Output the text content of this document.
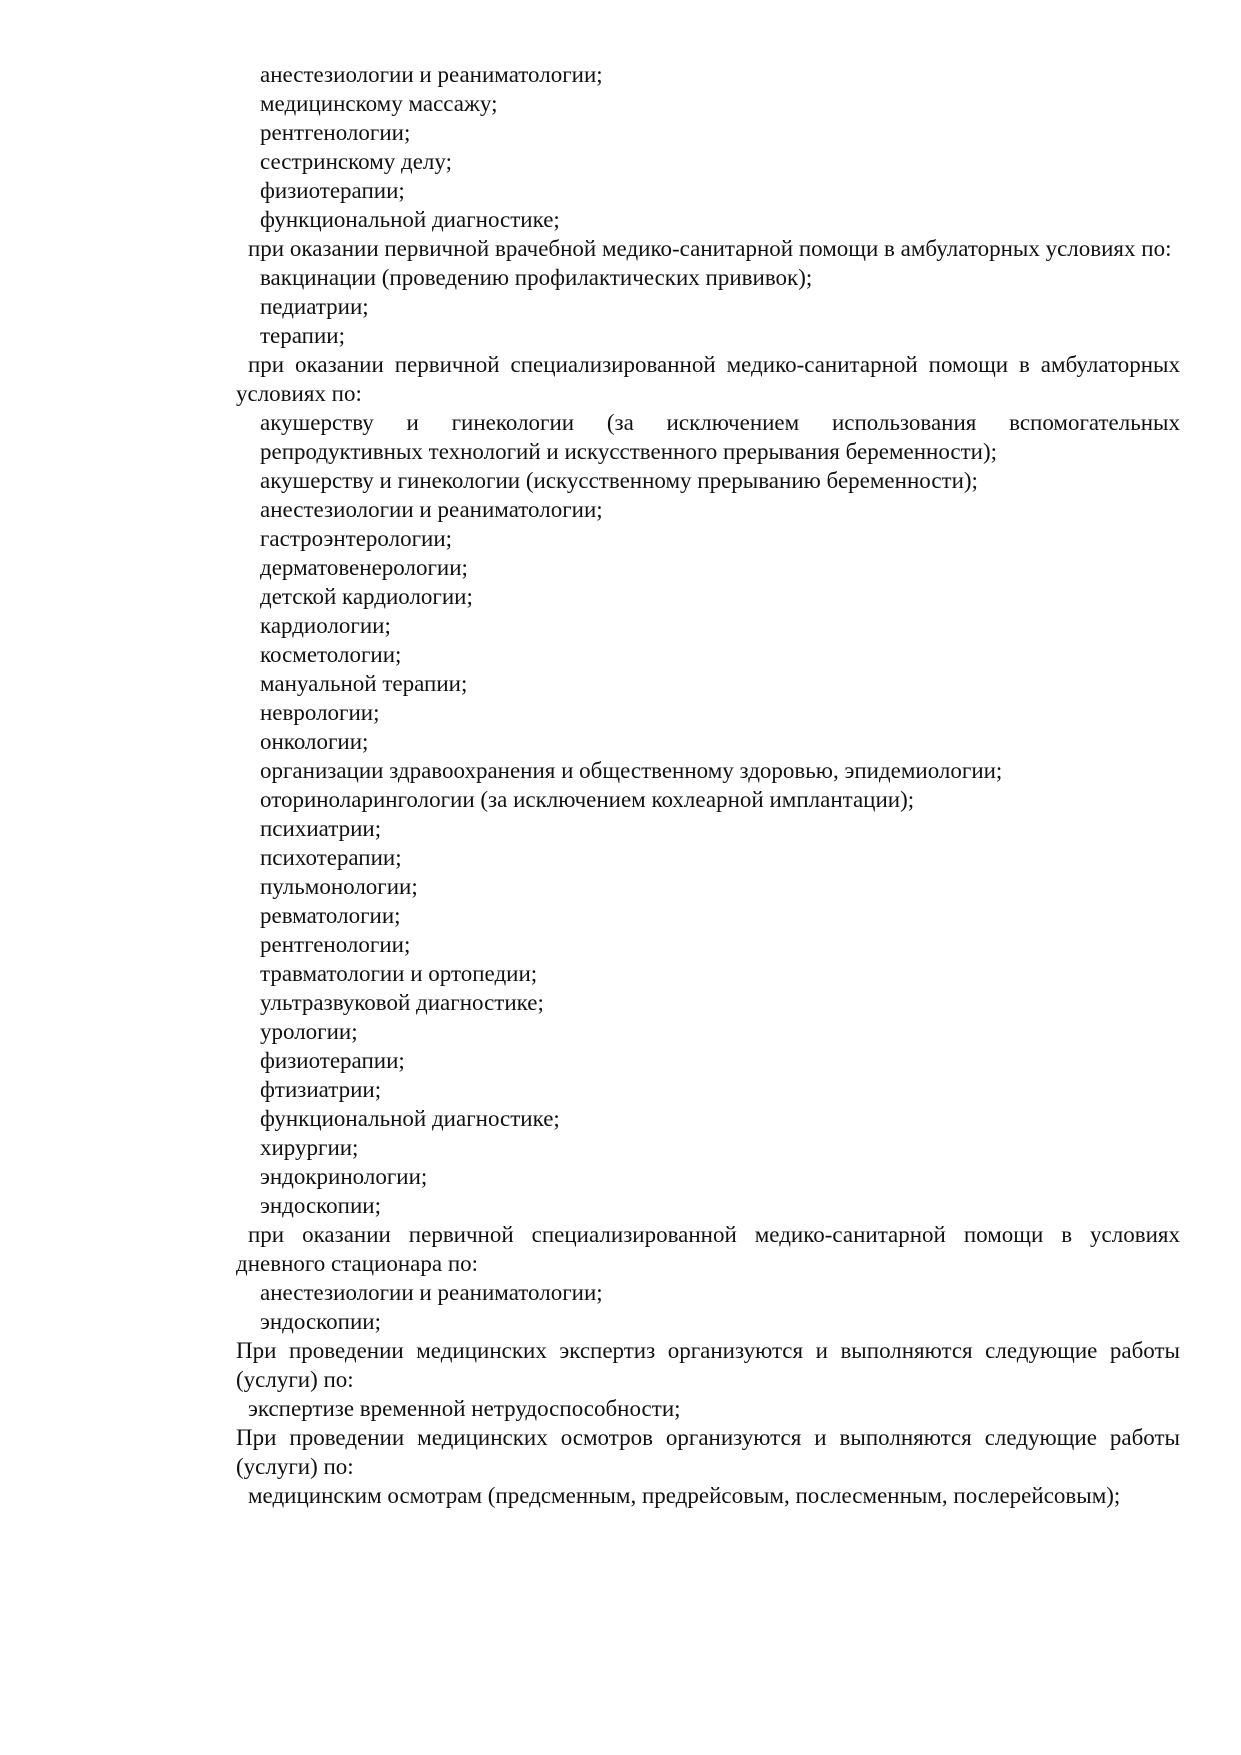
анестезиологии и реаниматологии;
медицинскому массажу;
рентгенологии;
сестринскому делу;
физиотерапии;
функциональной диагностике;
при оказании первичной врачебной медико-санитарной помощи в амбулаторных условиях по:
вакцинации (проведению профилактических прививок);
педиатрии;
терапии;
при оказании первичной специализированной медико-санитарной помощи в амбулаторных условиях по:
акушерству и гинекологии (за исключением использования вспомогательных репродуктивных технологий и искусственного прерывания беременности);
акушерству и гинекологии (искусственному прерыванию беременности);
анестезиологии и реаниматологии;
гастроэнтерологии;
дерматовенерологии;
детской кардиологии;
кардиологии;
косметологии;
мануальной терапии;
неврологии;
онкологии;
организации здравоохранения и общественному здоровью, эпидемиологии;
оториноларингологии (за исключением кохлеарной имплантации);
психиатрии;
психотерапии;
пульмонологии;
ревматологии;
рентгенологии;
травматологии и ортопедии;
ультразвуковой диагностике;
урологии;
физиотерапии;
фтизиатрии;
функциональной диагностике;
хирургии;
эндокринологии;
эндоскопии;
при оказании первичной специализированной медико-санитарной помощи в условиях дневного стационара по:
анестезиологии и реаниматологии;
эндоскопии;
При проведении медицинских экспертиз организуются и выполняются следующие работы (услуги) по:
экспертизе временной нетрудоспособности;
При проведении медицинских осмотров организуются и выполняются следующие работы (услуги) по:
медицинским осмотрам (предсменным, предрейсовым, послесменным, послерейсовым);
